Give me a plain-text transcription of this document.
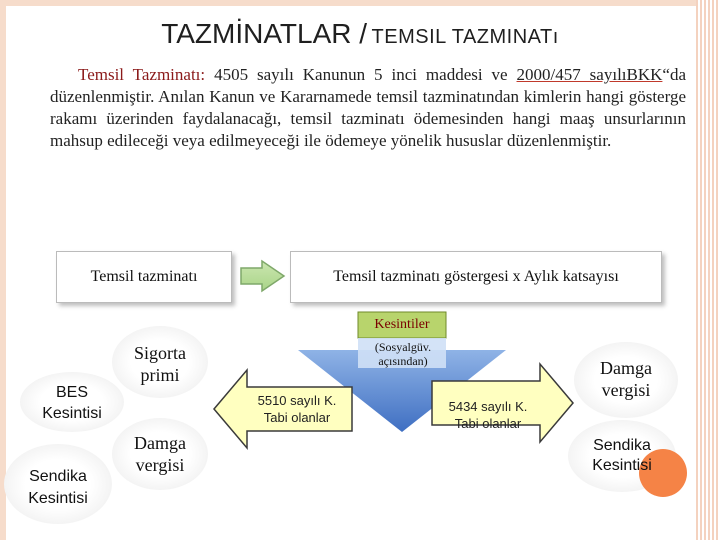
TAZMİNATLAR / TEMSIL TAZMINATı
Temsil Tazminatı: 4505 sayılı Kanunun 5 inci maddesi ve 2000/457 sayılıBKK“da düzenlenmiştir. Anılan Kanun ve Kararnamede temsil tazminatından kimlerin hangi gösterge rakamı üzerinden faydalanacağı, temsil tazminatı ödemesinden hangi maaş unsurlarının mahsup edileceği veya edilmeyeceği ile ödemeye yönelik hususlar düzenlenmiştir.
Temsil tazminatı	Temsil tazminatı göstergesi x Aylık katsayısı
Kesintiler
(Sosyalgüv.
açısından)
5510 sayılı K.
Tabi olanlar
5434 sayılı K.
Tabi olanlar
Sigorta
primi
BES
Kesintisi
Damga
vergisi
Sendika
Kesintisi
Damga
vergisi
Sendika
Kesintisi
